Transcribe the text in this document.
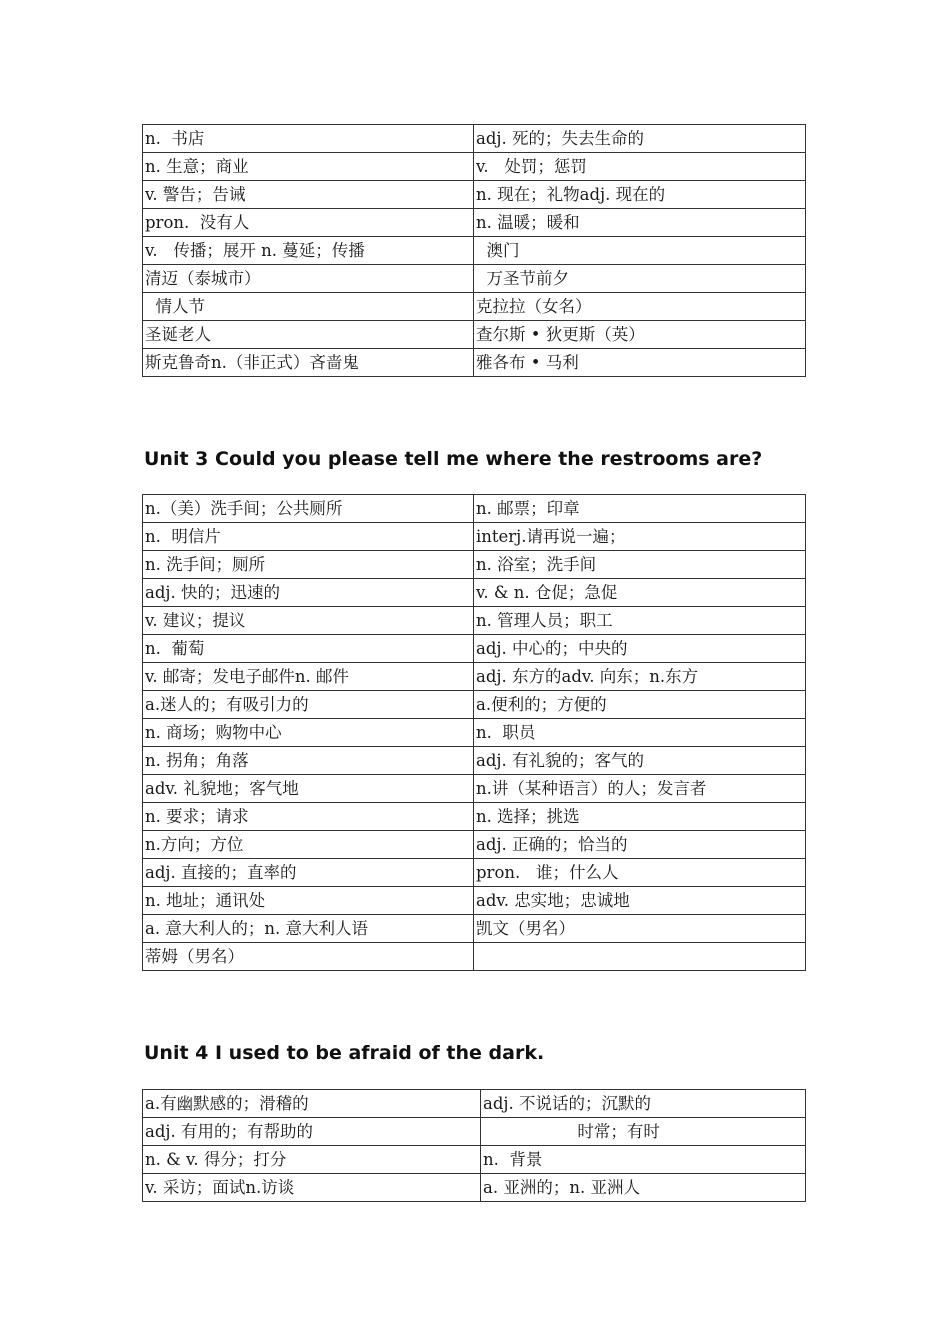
n.  书店	adj. 死的；失去生命的
n. 生意；商业	v.   处罚；惩罚
v. 警告；告诫	n. 现在；礼物adj. 现在的
pron.  没有人	n. 温暖；暖和
v.   传播；展开 n. 蔓延；传播	澳门
清迈（泰城市）	万圣节前夕
情人节	克拉拉（女名）
圣诞老人	查尔斯 • 狄更斯（英）
斯克鲁奇n.（非正式）吝啬鬼	雅各布 • 马利
Unit 3 Could you please tell me where the restrooms are?
n.（美）洗手间；公共厕所	n. 邮票；印章
n.  明信片	interj.请再说一遍；
n. 洗手间；厕所	n. 浴室；洗手间
adj. 快的；迅速的	v. & n. 仓促；急促
v. 建议；提议	n. 管理人员；职工
n.  葡萄	adj. 中心的；中央的
v. 邮寄；发电子邮件n. 邮件	adj. 东方的adv. 向东；n.东方
a.迷人的；有吸引力的	a.便利的；方便的
n. 商场；购物中心	n.  职员
n. 拐角；角落	adj. 有礼貌的；客气的
adv. 礼貌地；客气地	n.讲（某种语言）的人；发言者
n. 要求；请求	n. 选择；挑选
n.方向；方位	adj. 正确的；恰当的
adj. 直接的；直率的	pron.   谁；什么人
n. 地址；通讯处	adv. 忠实地；忠诚地
a. 意大利人的；n. 意大利人语	凯文（男名）
蒂姆（男名）	
Unit 4 I used to be afraid of the dark.
a.有幽默感的；滑稽的	adj. 不说话的；沉默的
adj. 有用的；有帮助的	时常；有时
n. & v. 得分；打分	n.  背景
v. 采访；面试n.访谈	a. 亚洲的；n. 亚洲人
